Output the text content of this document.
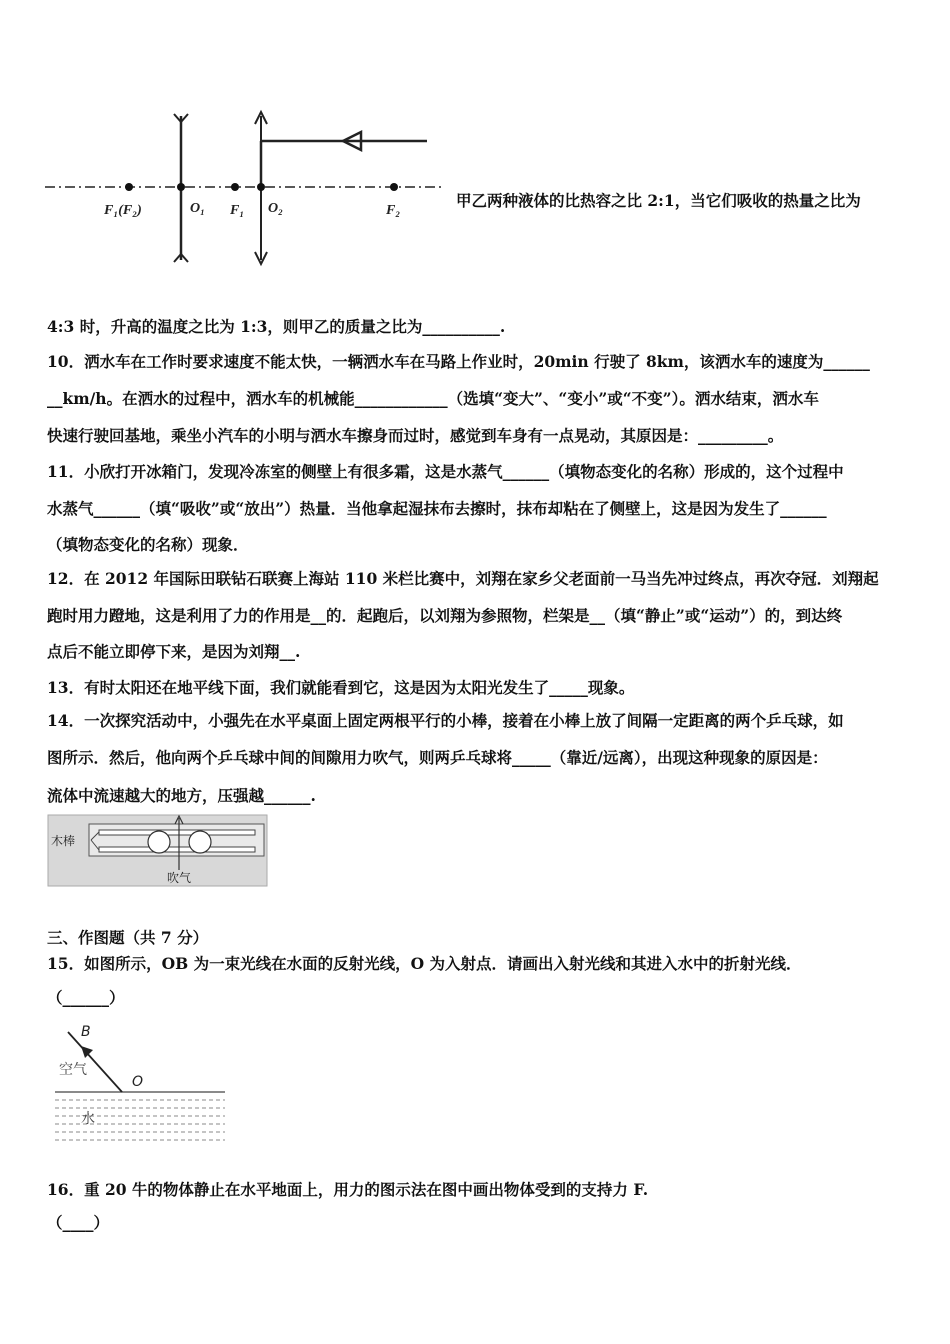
F₁(F₂)	O₁ F₁ O₂	F₂
甲乙两种液体的比热容之比 2:1，当它们吸收的热量之比为
4:3 时，升高的温度之比为 1:3，则甲乙的质量之比为__________.
10．洒水车在工作时要求速度不能太快，一辆洒水车在马路上作业时，20min 行驶了 8km，该洒水车的速度为______
__km/h。在洒水的过程中，洒水车的机械能____________（选填“变大”、“变小”或“不变”）。洒水结束，洒水车
快速行驶回基地，乘坐小汽车的小明与洒水车擦身而过时，感觉到车身有一点晃动，其原因是：_________。
11．小欣打开冰箱门，发现冷冻室的侧壁上有很多霜，这是水蒸气______（填物态变化的名称）形成的，这个过程中
水蒸气______（填“吸收”或“放出”）热量．当他拿起湿抹布去擦时，抹布却粘在了侧壁上，这是因为发生了______
（填物态变化的名称）现象．
12．在 2012 年国际田联钻石联赛上海站 110 米栏比赛中，刘翔在家乡父老面前一马当先冲过终点，再次夺冠．刘翔起
跑时用力蹬地，这是利用了力的作用是__的．起跑后，以刘翔为参照物，栏架是__（填“静止”或“运动”）的，到达终
点后不能立即停下来，是因为刘翔__.
13．有时太阳还在地平线下面，我们就能看到它，这是因为太阳光发生了_____现象。
14．一次探究活动中，小强先在水平桌面上固定两根平行的小棒，接着在小棒上放了间隔一定距离的两个乒乓球，如
图所示．然后，他向两个乒乓球中间的间隙用力吹气，则两乒乓球将_____（靠近/远离），出现这种现象的原因是：
流体中流速越大的地方，压强越______.
木棒
吹气
三、作图题（共 7 分）
15．如图所示，OB 为一束光线在水面的反射光线，O 为入射点．请画出入射光线和其进入水中的折射光线．
（______）
B
空气
O
水
16．重 20 牛的物体静止在水平地面上，用力的图示法在图中画出物体受到的支持力 F.
（____）
